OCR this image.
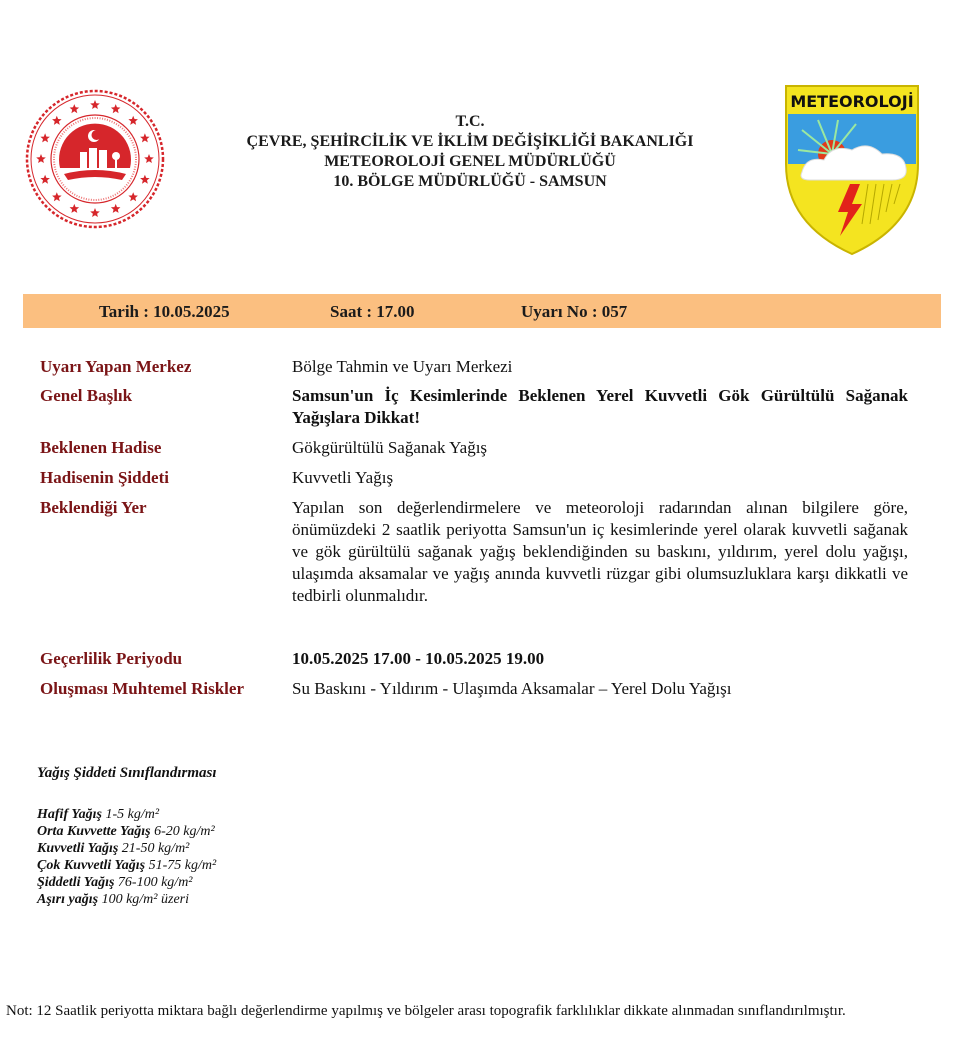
T.C.
ÇEVRE, ŞEHİRCİLİK VE İKLİM DEĞİŞİKLİĞİ BAKANLIĞI
METEOROLOJİ GENEL MÜDÜRLÜĞÜ
10. BÖLGE MÜDÜRLÜĞÜ - SAMSUN
METEOROLOJİ
Tarih : 10.05.2025	Saat : 17.00	Uyarı No : 057
Uyarı Yapan Merkez	Bölge Tahmin ve Uyarı Merkezi
Genel Başlık	Samsun'un İç Kesimlerinde Beklenen Yerel Kuvvetli Gök Gürültülü Sağanak Yağışlara Dikkat!
Beklenen Hadise	Gökgürültülü Sağanak Yağış
Hadisenin Şiddeti	Kuvvetli Yağış
Beklendiği Yer	Yapılan son değerlendirmelere ve meteoroloji radarından alınan bilgilere göre, önümüzdeki 2 saatlik periyotta Samsun'un iç kesimlerinde yerel olarak kuvvetli sağanak ve gök gürültülü sağanak yağış beklendiğinden su baskını, yıldırım, yerel dolu yağışı, ulaşımda aksamalar ve yağış anında kuvvetli rüzgar gibi olumsuzluklara karşı dikkatli ve tedbirli olunmalıdır.
Geçerlilik Periyodu	10.05.2025 17.00 - 10.05.2025 19.00
Oluşması Muhtemel Riskler	Su Baskını - Yıldırım - Ulaşımda Aksamalar – Yerel Dolu Yağışı
Yağış Şiddeti Sınıflandırması
Hafif Yağış 1-5 kg/m²
Orta Kuvvette Yağış 6-20 kg/m²
Kuvvetli Yağış 21-50 kg/m²
Çok Kuvvetli Yağış 51-75 kg/m²
Şiddetli Yağış 76-100 kg/m²
Aşırı yağış 100 kg/m² üzeri
Not: 12 Saatlik periyotta miktara bağlı değerlendirme yapılmış ve bölgeler arası topografik farklılıklar dikkate alınmadan sınıflandırılmıştır.
